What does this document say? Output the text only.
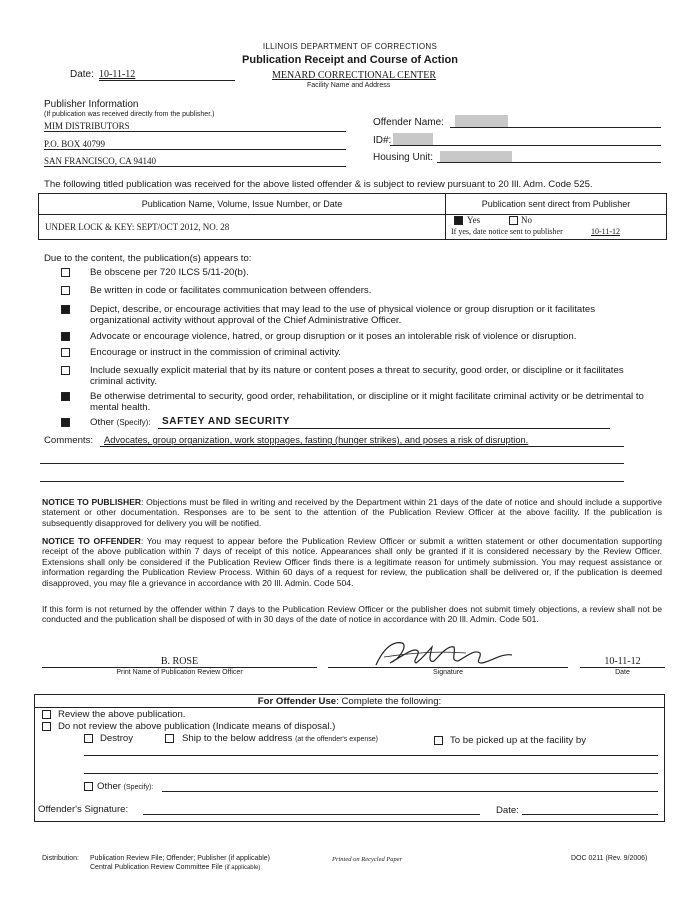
ILLINOIS DEPARTMENT OF CORRECTIONS
Publication Receipt and Course of Action
Date: 10-11-12	MENARD CORRECTIONAL CENTER
Facility Name and Address
Publisher Information
(If publication was received directly from the publisher.)
MIM DISTRIBUTORS
P.O. BOX 40799
SAN FRANCISCO, CA 94140
Offender Name:
ID#:
Housing Unit:
The following titled publication was received for the above listed offender & is subject to review pursuant to 20 Ill. Adm. Code 525.
Publication Name, Volume, Issue Number, or Date	Publication sent direct from Publisher
UNDER LOCK & KEY: SEPT/OCT 2012, NO. 28
Yes	No
If yes, date notice sent to publisher	10-11-12
Due to the content, the publication(s) appears to:
Be obscene per 720 ILCS 5/11-20(b).
Be written in code or facilitates communication between offenders.
Depict, describe, or encourage activities that may lead to the use of physical violence or group disruption or it facilitates organizational activity without approval of the Chief Administrative Officer.
Advocate or encourage violence, hatred, or group disruption or it poses an intolerable risk of violence or disruption.
Encourage or instruct in the commission of criminal activity.
Include sexually explicit material that by its nature or content poses a threat to security, good order, or discipline or it facilitates criminal activity.
Be otherwise detrimental to security, good order, rehabilitation, or discipline or it might facilitate criminal activity or be detrimental to mental health.
Other (Specify): SAFTEY AND SECURITY
Comments: Advocates, group organization, work stoppages, fasting (hunger strikes), and poses a risk of disruption.
NOTICE TO PUBLISHER: Objections must be filed in writing and received by the Department within 21 days of the date of notice and should include a supportive statement or other documentation. Responses are to be sent to the attention of the Publication Review Officer at the above facility. If the publication is subsequently disapproved for delivery you will be notified.
NOTICE TO OFFENDER: You may request to appear before the Publication Review Officer or submit a written statement or other documentation supporting receipt of the above publication within 7 days of receipt of this notice. Appearances shall only be granted if it is considered necessary by the Review Officer. Extensions shall only be considered if the Publication Review Officer finds there is a legitimate reason for untimely submission. You may request assistance or information regarding the Publication Review Process. Within 60 days of a request for review, the publication shall be delivered or, if the publication is deemed disapproved, you may file a grievance in accordance with 20 Ill. Admin. Code 504.
If this form is not returned by the offender within 7 days to the Publication Review Officer or the publisher does not submit timely objections, a review shall not be conducted and the publication shall be disposed of with in 30 days of the date of notice in accordance with 20 Ill. Admin. Code 501.
B. ROSE
Print Name of Publication Review Officer	Signature
10-11-12
Date
For Offender Use: Complete the following:
Review the above publication.
Do not review the above publication (Indicate means of disposal.)
Destroy	Ship to the below address (at the offender's expense)	To be picked up at the facility by
Other (Specify):
Offender's Signature:	Date:
Distribution: Publication Review File; Offender; Publisher (if applicable)
Central Publication Review Committee File (if applicable)
Printed on Recycled Paper	DOC 0211 (Rev. 9/2006)
